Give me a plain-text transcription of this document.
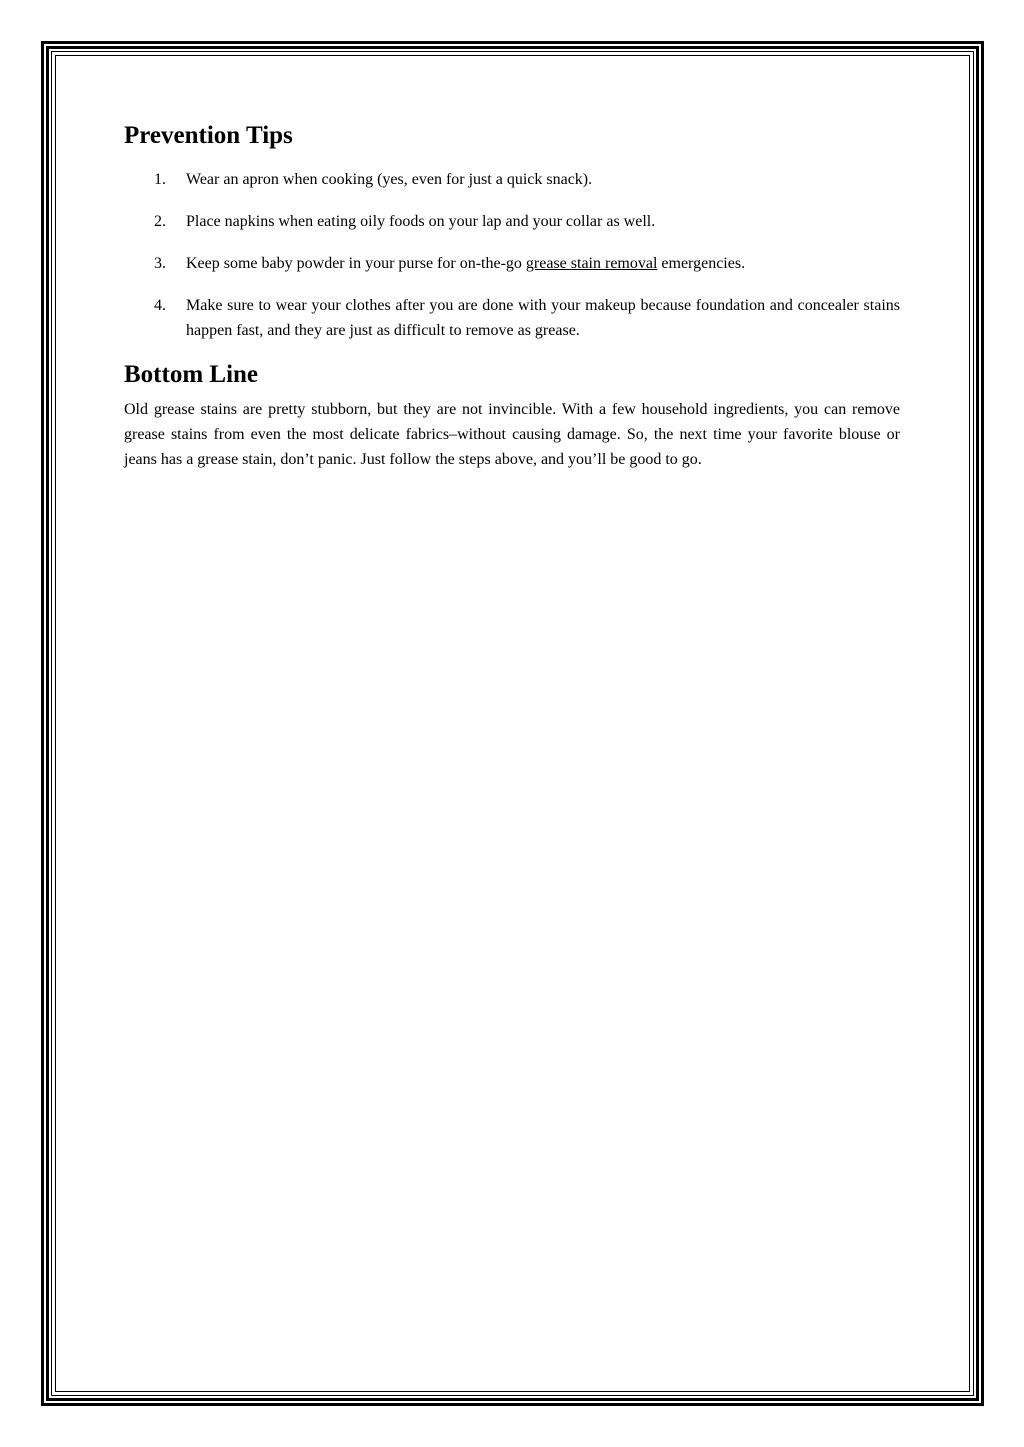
Prevention Tips
1. Wear an apron when cooking (yes, even for just a quick snack).
2. Place napkins when eating oily foods on your lap and your collar as well.
3. Keep some baby powder in your purse for on-the-go grease stain removal emergencies.
4. Make sure to wear your clothes after you are done with your makeup because foundation and concealer stains happen fast, and they are just as difficult to remove as grease.
Bottom Line

Old grease stains are pretty stubborn, but they are not invincible. With a few household ingredients, you can remove grease stains from even the most delicate fabrics–without causing damage. So, the next time your favorite blouse or jeans has a grease stain, don’t panic. Just follow the steps above, and you’ll be good to go.
